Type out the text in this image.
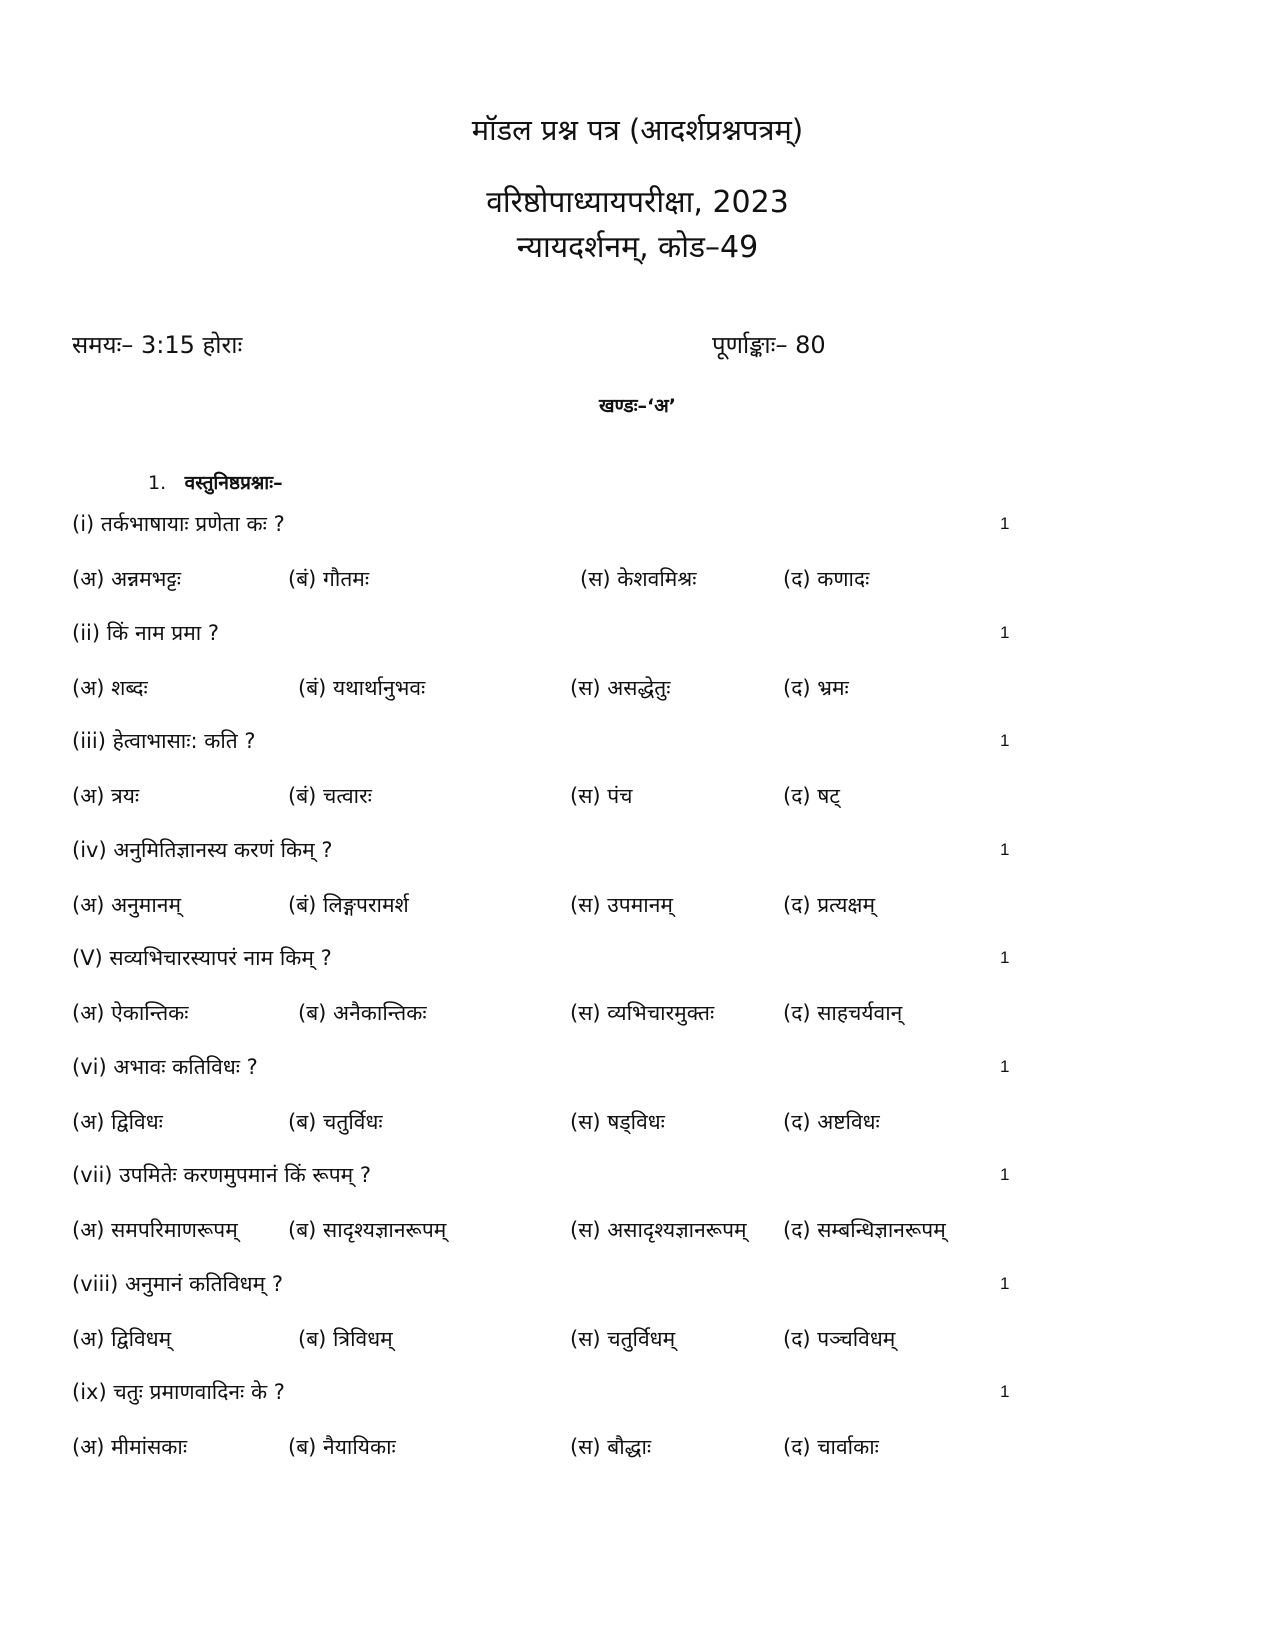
मॉडल प्रश्न पत्र (आदर्शप्रश्नपत्रम्)
वरिष्ठोपाध्यायपरीक्षा, 2023
न्यायदर्शनम्, कोड–49
समयः– 3:15 होराः	पूर्णाङ्काः– 80
खण्डः–‘अ’
1. वस्तुनिष्ठप्रश्नाः–
(i) तर्कभाषायाः प्रणेता कः ?	1
(अ) अन्नमभट्टः	(बं) गौतमः	(स) केशवमिश्रः	(द) कणादः
(ii) किं नाम प्रमा ?	1
(अ) शब्दः	(बं) यथार्थानुभवः	(स) असद्धेतुः	(द) भ्रमः
(iii) हेत्वाभासाः: कति ?	1
(अ) त्रयः	(बं) चत्वारः	(स) पंच	(द) षट्
(iv) अनुमितिज्ञानस्य करणं किम् ?	1
(अ) अनुमानम्	(बं) लिङ्गपरामर्श	(स) उपमानम्	(द) प्रत्यक्षम्
(V) सव्यभिचारस्यापरं नाम किम् ?	1
(अ) ऐकान्तिकः	(ब) अनैकान्तिकः	(स) व्यभिचारमुक्तः	(द) साहचर्यवान्
(vi) अभावः कतिविधः ?	1
(अ) द्विविधः	(ब) चतुर्विधः	(स) षड्विधः	(द) अष्टविधः
(vii) उपमितेः करणमुपमानं किं रूपम् ?	1
(अ) समपरिमाणरूपम् (ब) सादृश्यज्ञानरूपम्	(स) असादृश्यज्ञानरूपम् (द) सम्बन्धिज्ञानरूपम्
(viii) अनुमानं कतिविधम् ?	1
(अ) द्विविधम्	(ब) त्रिविधम्	(स) चतुर्विधम्	(द) पञ्चविधम्
(ix) चतुः प्रमाणवादिनः के ?	1
(अ) मीमांसकाः	(ब) नैयायिकाः	(स) बौद्धाः	(द) चार्वाकाः
